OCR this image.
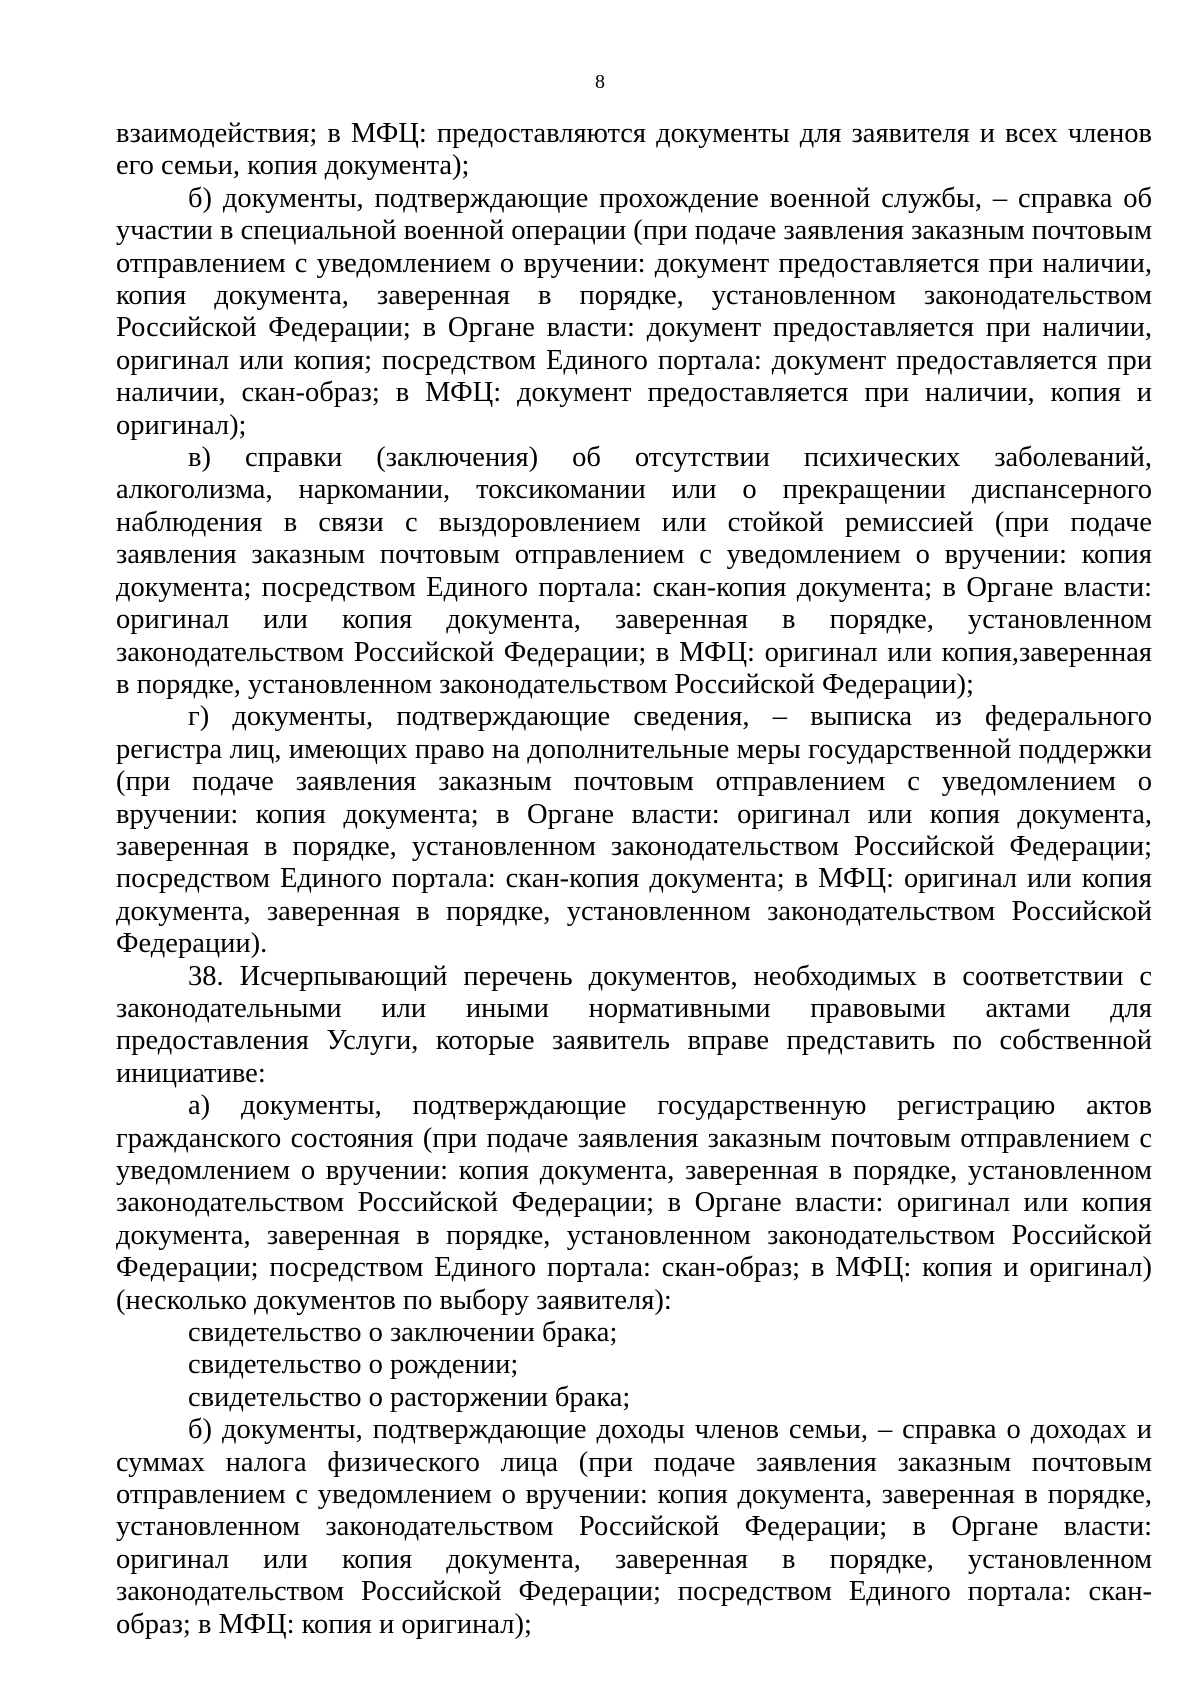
8

взаимодействия; в МФЦ: предоставляются документы для заявителя и всех членов его семьи, копия документа);

б) документы, подтверждающие прохождение военной службы, – справка об участии в специальной военной операции (при подаче заявления заказным почтовым отправлением с уведомлением о вручении: документ предоставляется при наличии, копия документа, заверенная в порядке, установленном законодательством Российской Федерации; в Органе власти: документ предоставляется при наличии, оригинал или копия; посредством Единого портала: документ предоставляется при наличии, скан-образ; в МФЦ: документ предоставляется при наличии, копия и оригинал);

в) справки (заключения) об отсутствии психических заболеваний, алкоголизма, наркомании, токсикомании или о прекращении диспансерного наблюдения в связи с выздоровлением или стойкой ремиссией (при подаче заявления заказным почтовым отправлением с уведомлением о вручении: копия документа; посредством Единого портала: скан-копия документа; в Органе власти: оригинал или копия документа, заверенная в порядке, установленном законодательством Российской Федерации; в МФЦ: оригинал или копия,заверенная в порядке, установленном законодательством Российской Федерации);

г) документы, подтверждающие сведения, – выписка из федерального регистра лиц, имеющих право на дополнительные меры государственной поддержки (при подаче заявления заказным почтовым отправлением с уведомлением о вручении: копия документа; в Органе власти: оригинал или копия документа, заверенная в порядке, установленном законодательством Российской Федерации; посредством Единого портала: скан-копия документа; в МФЦ: оригинал или копия документа, заверенная в порядке, установленном законодательством Российской Федерации).

38. Исчерпывающий перечень документов, необходимых в соответствии с законодательными или иными нормативными правовыми актами для предоставления Услуги, которые заявитель вправе представить по собственной инициативе:

а) документы, подтверждающие государственную регистрацию актов гражданского состояния (при подаче заявления заказным почтовым отправлением с уведомлением о вручении: копия документа, заверенная в порядке, установленном законодательством Российской Федерации; в Органе власти: оригинал или копия документа, заверенная в порядке, установленном законодательством Российской Федерации; посредством Единого портала: скан-образ; в МФЦ: копия и оригинал) (несколько документов по выбору заявителя):

свидетельство о заключении брака;

свидетельство о рождении;

свидетельство о расторжении брака;

б) документы, подтверждающие доходы членов семьи, – справка о доходах и суммах налога физического лица (при подаче заявления заказным почтовым отправлением с уведомлением о вручении: копия документа, заверенная в порядке, установленном законодательством Российской Федерации; в Органе власти: оригинал или копия документа, заверенная в порядке, установленном законодательством Российской Федерации; посредством Единого портала: скан-образ; в МФЦ: копия и оригинал);
